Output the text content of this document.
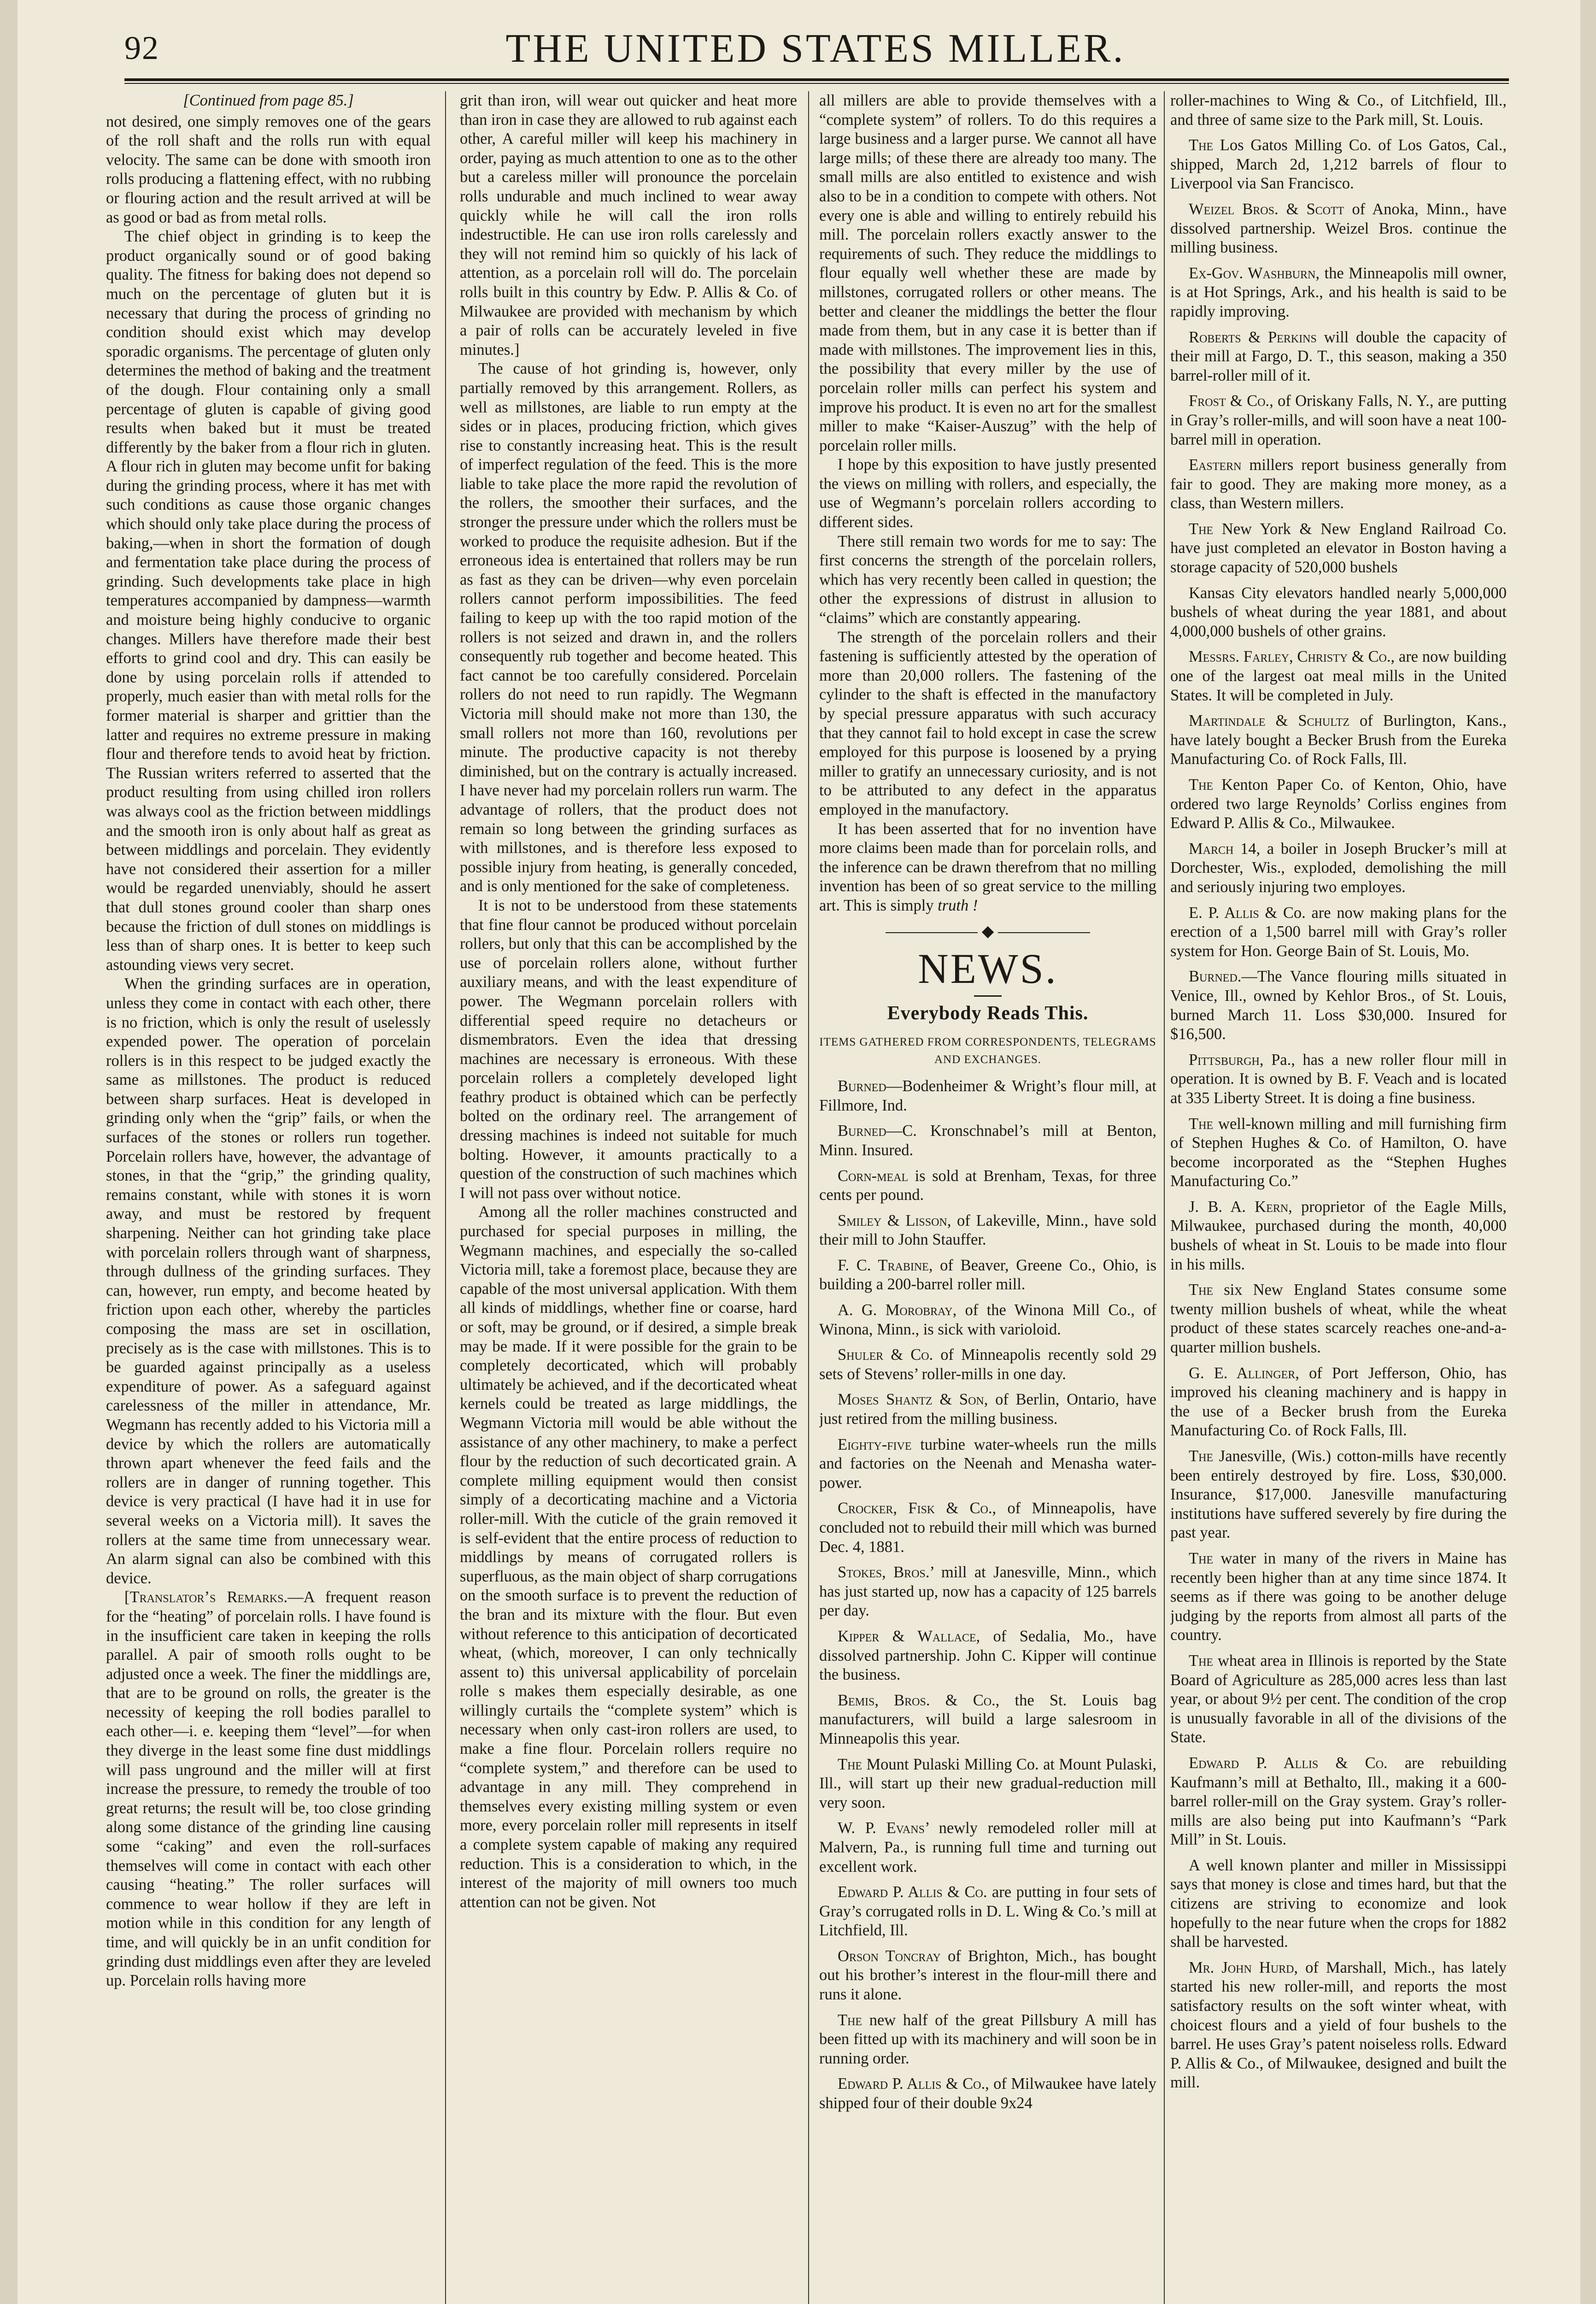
92	THE UNITED STATES MILLER.
[Continued from page 85.]

not desired, one simply removes one of the gears of the roll shaft and the rolls run with equal velocity. The same can be done with smooth iron rolls producing a flattening effect, with no rubbing or flouring action and the result arrived at will be as good or bad as from metal rolls.

The chief object in grinding is to keep the product organically sound or of good baking quality. The fitness for baking does not depend so much on the percentage of gluten but it is necessary that during the process of grinding no condition should exist which may develop sporadic organisms. The percentage of gluten only determines the method of baking and the treatment of the dough. Flour containing only a small percentage of gluten is capable of giving good results when baked but it must be treated differently by the baker from a flour rich in gluten. A flour rich in gluten may become unfit for baking during the grinding process, where it has met with such conditions as cause those organic changes which should only take place during the process of baking,—when in short the formation of dough and fermentation take place during the process of grinding. Such developments take place in high temperatures accompanied by dampness—warmth and moisture being highly conducive to organic changes. Millers have therefore made their best efforts to grind cool and dry. This can easily be done by using porcelain rolls if attended to properly, much easier than with metal rolls for the former material is sharper and grittier than the latter and requires no extreme pressure in making flour and therefore tends to avoid heat by friction. The Russian writers referred to asserted that the product resulting from using chilled iron rollers was always cool as the friction between middlings and the smooth iron is only about half as great as between middlings and porcelain. They evidently have not considered their assertion for a miller would be regarded unenviably, should he assert that dull stones ground cooler than sharp ones because the friction of dull stones on middlings is less than of sharp ones. It is better to keep such astounding views very secret.

When the grinding surfaces are in operation, unless they come in contact with each other, there is no friction, which is only the result of uselessly expended power. The operation of porcelain rollers is in this respect to be judged exactly the same as millstones. The product is reduced between sharp surfaces. Heat is developed in grinding only when the “grip” fails, or when the surfaces of the stones or rollers run together. Porcelain rollers have, however, the advantage of stones, in that the “grip,” the grinding quality, remains constant, while with stones it is worn away, and must be restored by frequent sharpening. Neither can hot grinding take place with porcelain rollers through want of sharpness, through dullness of the grinding surfaces. They can, however, run empty, and become heated by friction upon each other, whereby the particles composing the mass are set in oscillation, precisely as is the case with millstones. This is to be guarded against principally as a useless expenditure of power. As a safeguard against carelessness of the miller in attendance, Mr. Wegmann has recently added to his Victoria mill a device by which the rollers are automatically thrown apart whenever the feed fails and the rollers are in danger of running together. This device is very practical (I have had it in use for several weeks on a Victoria mill). It saves the rollers at the same time from unnecessary wear. An alarm signal can also be combined with this device.

[Translator’s Remarks.—A frequent reason for the “heating” of porcelain rolls. I have found is in the insufficient care taken in keeping the rolls parallel. A pair of smooth rolls ought to be adjusted once a week. The finer the middlings are, that are to be ground on rolls, the greater is the necessity of keeping the roll bodies parallel to each other—i. e. keeping them “level”—for when they diverge in the least some fine dust middlings will pass unground and the miller will at first increase the pressure, to remedy the trouble of too great returns; the result will be, too close grinding along some distance of the grinding line causing some “caking” and even the roll-surfaces themselves will come in contact with each other causing “heating.” The roller surfaces will commence to wear hollow if they are left in motion while in this condition for any length of time, and will quickly be in an unfit condition for grinding dust middlings even after they are leveled up. Porcelain rolls having more

grit than iron, will wear out quicker and heat more than iron in case they are allowed to rub against each other, A careful miller will keep his machinery in order, paying as much attention to one as to the other but a careless miller will pronounce the porcelain rolls undurable and much inclined to wear away quickly while he will call the iron rolls indestructible. He can use iron rolls carelessly and they will not remind him so quickly of his lack of attention, as a porcelain roll will do. The porcelain rolls built in this country by Edw. P. Allis & Co. of Milwaukee are provided with mechanism by which a pair of rolls can be accurately leveled in five minutes.]

The cause of hot grinding is, however, only partially removed by this arrangement. Rollers, as well as millstones, are liable to run empty at the sides or in places, producing friction, which gives rise to constantly increasing heat. This is the result of imperfect regulation of the feed. This is the more liable to take place the more rapid the revolution of the rollers, the smoother their surfaces, and the stronger the pressure under which the rollers must be worked to produce the requisite adhesion. But if the erroneous idea is entertained that rollers may be run as fast as they can be driven—why even porcelain rollers cannot perform impossibilities. The feed failing to keep up with the too rapid motion of the rollers is not seized and drawn in, and the rollers consequently rub together and become heated. This fact cannot be too carefully considered. Porcelain rollers do not need to run rapidly. The Wegmann Victoria mill should make not more than 130, the small rollers not more than 160, revolutions per minute. The productive capacity is not thereby diminished, but on the contrary is actually increased. I have never had my porcelain rollers run warm. The advantage of rollers, that the product does not remain so long between the grinding surfaces as with millstones, and is therefore less exposed to possible injury from heating, is generally conceded, and is only mentioned for the sake of completeness.

It is not to be understood from these statements that fine flour cannot be produced without porcelain rollers, but only that this can be accomplished by the use of porcelain rollers alone, without further auxiliary means, and with the least expenditure of power. The Wegmann porcelain rollers with differential speed require no detacheurs or dismembrators. Even the idea that dressing machines are necessary is erroneous. With these porcelain rollers a completely developed light feathry product is obtained which can be perfectly bolted on the ordinary reel. The arrangement of dressing machines is indeed not suitable for much bolting. However, it amounts practically to a question of the construction of such machines which I will not pass over without notice.

Among all the roller machines constructed and purchased for special purposes in milling, the Wegmann machines, and especially the so-called Victoria mill, take a foremost place, because they are capable of the most universal application. With them all kinds of middlings, whether fine or coarse, hard or soft, may be ground, or if desired, a simple break may be made. If it were possible for the grain to be completely decorticated, which will probably ultimately be achieved, and if the decorticated wheat kernels could be treated as large middlings, the Wegmann Victoria mill would be able without the assistance of any other machinery, to make a perfect flour by the reduction of such decorticated grain. A complete milling equipment would then consist simply of a decorticating machine and a Victoria roller-mill. With the cuticle of the grain removed it is self-evident that the entire process of reduction to middlings by means of corrugated rollers is superfluous, as the main object of sharp corrugations on the smooth surface is to prevent the reduction of the bran and its mixture with the flour. But even without reference to this anticipation of decorticated wheat, (which, moreover, I can only technically assent to) this universal applicability of porcelain rolle s makes them especially desirable, as one willingly curtails the “complete system” which is necessary when only cast-iron rollers are used, to make a fine flour. Porcelain rollers require no “complete system,” and therefore can be used to advantage in any mill. They comprehend in themselves every existing milling system or even more, every porcelain roller mill represents in itself a complete system capable of making any required reduction. This is a consideration to which, in the interest of the majority of mill owners too much attention can not be given. Not

all millers are able to provide themselves with a “complete system” of rollers. To do this requires a large business and a larger purse. We cannot all have large mills; of these there are already too many. The small mills are also entitled to existence and wish also to be in a condition to compete with others. Not every one is able and willing to entirely rebuild his mill. The porcelain rollers exactly answer to the requirements of such. They reduce the middlings to flour equally well whether these are made by millstones, corrugated rollers or other means. The better and cleaner the middlings the better the flour made from them, but in any case it is better than if made with millstones. The improvement lies in this, the possibility that every miller by the use of porcelain roller mills can perfect his system and improve his product. It is even no art for the smallest miller to make “Kaiser-Auszug” with the help of porcelain roller mills.

I hope by this exposition to have justly presented the views on milling with rollers, and especially, the use of Wegmann’s porcelain rollers according to different sides.

There still remain two words for me to say: The first concerns the strength of the porcelain rollers, which has very recently been called in question; the other the expressions of distrust in allusion to “claims” which are constantly appearing.

The strength of the porcelain rollers and their fastening is sufficiently attested by the operation of more than 20,000 rollers. The fastening of the cylinder to the shaft is effected in the manufactory by special pressure apparatus with such accuracy that they cannot fail to hold except in case the screw employed for this purpose is loosened by a prying miller to gratify an unnecessary curiosity, and is not to be attributed to any defect in the apparatus employed in the manufactory.

It has been asserted that for no invention have more claims been made than for porcelain rolls, and the inference can be drawn therefrom that no milling invention has been of so great service to the milling art. This is simply truth !

◆
NEWS.
Everybody Reads This.
ITEMS GATHERED FROM CORRESPONDENTS, TELEGRAMS AND EXCHANGES.

Burned—Bodenheimer & Wright’s flour mill, at Fillmore, Ind.

Burned—C. Kronschnabel’s mill at Benton, Minn. Insured.

Corn-meal is sold at Brenham, Texas, for three cents per pound.

Smiley & Lisson, of Lakeville, Minn., have sold their mill to John Stauffer.

F. C. Trabine, of Beaver, Greene Co., Ohio, is building a 200-barrel roller mill.

A. G. Morobray, of the Winona Mill Co., of Winona, Minn., is sick with varioloid.

Shuler & Co. of Minneapolis recently sold 29 sets of Stevens’ roller-mills in one day.

Moses Shantz & Son, of Berlin, Ontario, have just retired from the milling business.

Eighty-five turbine water-wheels run the mills and factories on the Neenah and Menasha water-power.

Crocker, Fisk & Co., of Minneapolis, have concluded not to rebuild their mill which was burned Dec. 4, 1881.

Stokes, Bros.’ mill at Janesville, Minn., which has just started up, now has a capacity of 125 barrels per day.

Kipper & Wallace, of Sedalia, Mo., have dissolved partnership. John C. Kipper will continue the business.

Bemis, Bros. & Co., the St. Louis bag manufacturers, will build a large salesroom in Minneapolis this year.

The Mount Pulaski Milling Co. at Mount Pulaski, Ill., will start up their new gradual-reduction mill very soon.

W. P. Evans’ newly remodeled roller mill at Malvern, Pa., is running full time and turning out excellent work.

Edward P. Allis & Co. are putting in four sets of Gray’s corrugated rolls in D. L. Wing & Co.’s mill at Litchfield, Ill.

Orson Toncray of Brighton, Mich., has bought out his brother’s interest in the flour-mill there and runs it alone.

The new half of the great Pillsbury A mill has been fitted up with its machinery and will soon be in running order.

Edward P. Allis & Co., of Milwaukee have lately shipped four of their double 9x24

roller-machines to Wing & Co., of Litchfield, Ill., and three of same size to the Park mill, St. Louis.

The Los Gatos Milling Co. of Los Gatos, Cal., shipped, March 2d, 1,212 barrels of flour to Liverpool via San Francisco.

Weizel Bros. & Scott of Anoka, Minn., have dissolved partnership. Weizel Bros. continue the milling business.

Ex-Gov. Washburn, the Minneapolis mill owner, is at Hot Springs, Ark., and his health is said to be rapidly improving.

Roberts & Perkins will double the capacity of their mill at Fargo, D. T., this season, making a 350 barrel-roller mill of it.

Frost & Co., of Oriskany Falls, N. Y., are putting in Gray’s roller-mills, and will soon have a neat 100-barrel mill in operation.

Eastern millers report business generally from fair to good. They are making more money, as a class, than Western millers.

The New York & New England Railroad Co. have just completed an elevator in Boston having a storage capacity of 520,000 bushels

Kansas City elevators handled nearly 5,000,000 bushels of wheat during the year 1881, and about 4,000,000 bushels of other grains.

Messrs. Farley, Christy & Co., are now building one of the largest oat meal mills in the United States. It will be completed in July.

Martindale & Schultz of Burlington, Kans., have lately bought a Becker Brush from the Eureka Manufacturing Co. of Rock Falls, Ill.

The Kenton Paper Co. of Kenton, Ohio, have ordered two large Reynolds’ Corliss engines from Edward P. Allis & Co., Milwaukee.

March 14, a boiler in Joseph Brucker’s mill at Dorchester, Wis., exploded, demolishing the mill and seriously injuring two employes.

E. P. Allis & Co. are now making plans for the erection of a 1,500 barrel mill with Gray’s roller system for Hon. George Bain of St. Louis, Mo.

Burned.—The Vance flouring mills situated in Venice, Ill., owned by Kehlor Bros., of St. Louis, burned March 11. Loss $30,000. Insured for $16,500.

Pittsburgh, Pa., has a new roller flour mill in operation. It is owned by B. F. Veach and is located at 335 Liberty Street. It is doing a fine business.

The well-known milling and mill furnishing firm of Stephen Hughes & Co. of Hamilton, O. have become incorporated as the “Stephen Hughes Manufacturing Co.”

J. B. A. Kern, proprietor of the Eagle Mills, Milwaukee, purchased during the month, 40,000 bushels of wheat in St. Louis to be made into flour in his mills.

The six New England States consume some twenty million bushels of wheat, while the wheat product of these states scarcely reaches one-and-a-quarter million bushels.

G. E. Allinger, of Port Jefferson, Ohio, has improved his cleaning machinery and is happy in the use of a Becker brush from the Eureka Manufacturing Co. of Rock Falls, Ill.

The Janesville, (Wis.) cotton-mills have recently been entirely destroyed by fire. Loss, $30,000. Insurance, $17,000. Janesville manufacturing institutions have suffered severely by fire during the past year.

The water in many of the rivers in Maine has recently been higher than at any time since 1874. It seems as if there was going to be another deluge judging by the reports from almost all parts of the country.

The wheat area in Illinois is reported by the State Board of Agriculture as 285,000 acres less than last year, or about 9½ per cent. The condition of the crop is unusually favorable in all of the divisions of the State.

Edward P. Allis & Co. are rebuilding Kaufmann’s mill at Bethalto, Ill., making it a 600-barrel roller-mill on the Gray system. Gray’s roller-mills are also being put into Kaufmann’s “Park Mill” in St. Louis.

A well known planter and miller in Mississippi says that money is close and times hard, but that the citizens are striving to economize and look hopefully to the near future when the crops for 1882 shall be harvested.

Mr. John Hurd, of Marshall, Mich., has lately started his new roller-mill, and reports the most satisfactory results on the soft winter wheat, with choicest flours and a yield of four bushels to the barrel. He uses Gray’s patent noiseless rolls. Edward P. Allis & Co., of Milwaukee, designed and built the mill.
